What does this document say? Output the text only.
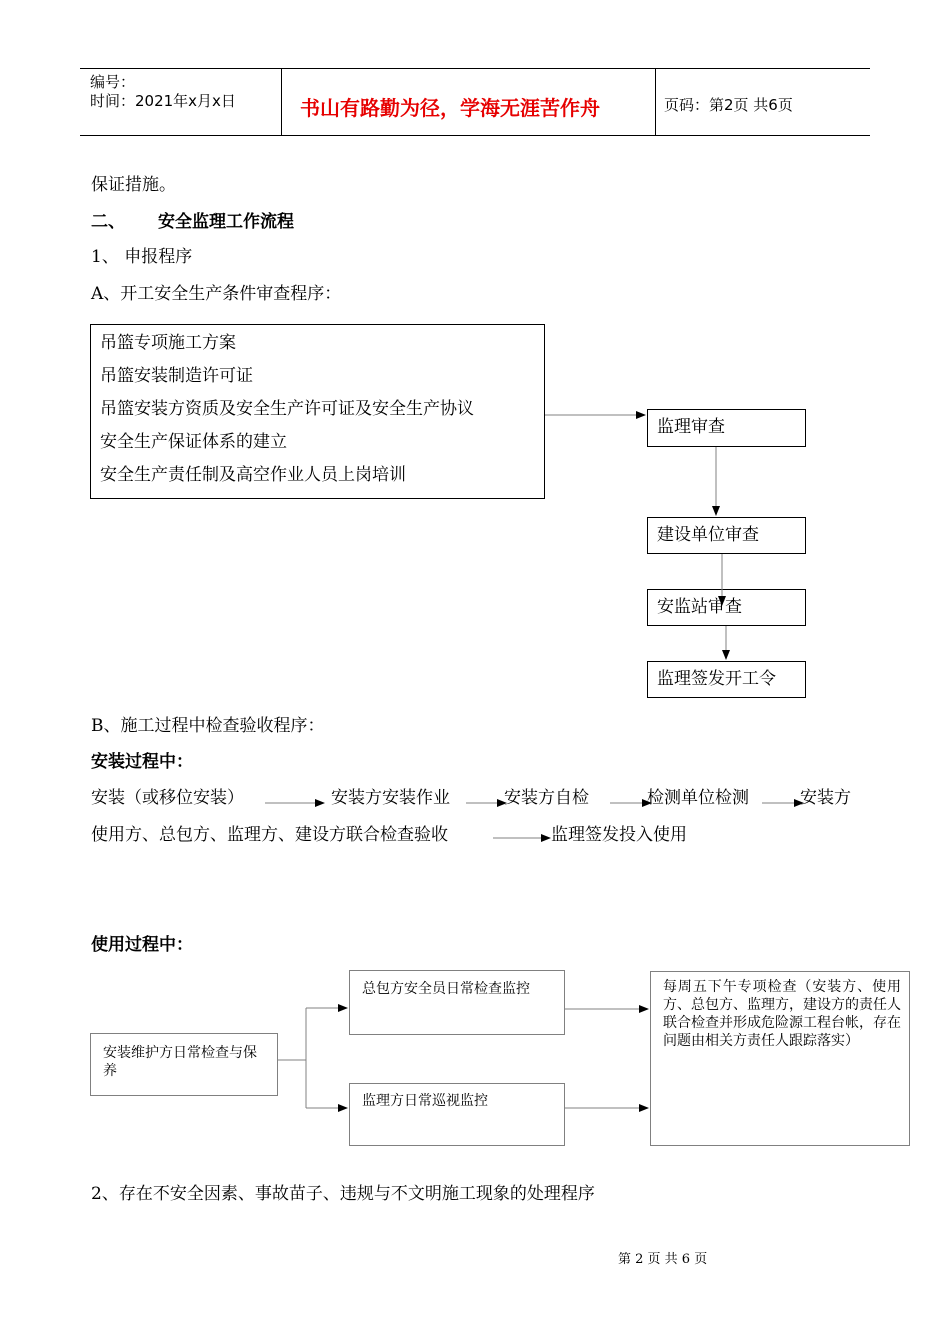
编号：
时间：2021年x月x日	书山有路勤为径，学海无涯苦作舟	页码：第2页 共6页
保证措施。
二、 安全监理工作流程
1、 申报程序
A、开工安全生产条件审查程序：
吊篮专项施工方案
吊篮安装制造许可证
吊篮安装方资质及安全生产许可证及安全生产协议
安全生产保证体系的建立
安全生产责任制及高空作业人员上岗培训
监理审查
建设单位审查
监理签发开工令
B、施工过程中检查验收程序：
安装过程中：
安装（或移位安装）	安装方安装作业	安装方自检	检测单位检测	安装方
使用方、总包方、监理方、建设方联合检查验收	监理签发投入使用
使用过程中：
安装维护方日常检查与保养
总包方安全员日常检查监控
监理方日常巡视监控
每周五下午专项检查（安装方、使用方、总包方、监理方，建设方的责任人联合检查并形成危险源工程台帐，存在问题由相关方责任人跟踪落实）
2、存在不安全因素、事故苗子、违规与不文明施工现象的处理程序
安监站审查
第 2 页 共 6 页
